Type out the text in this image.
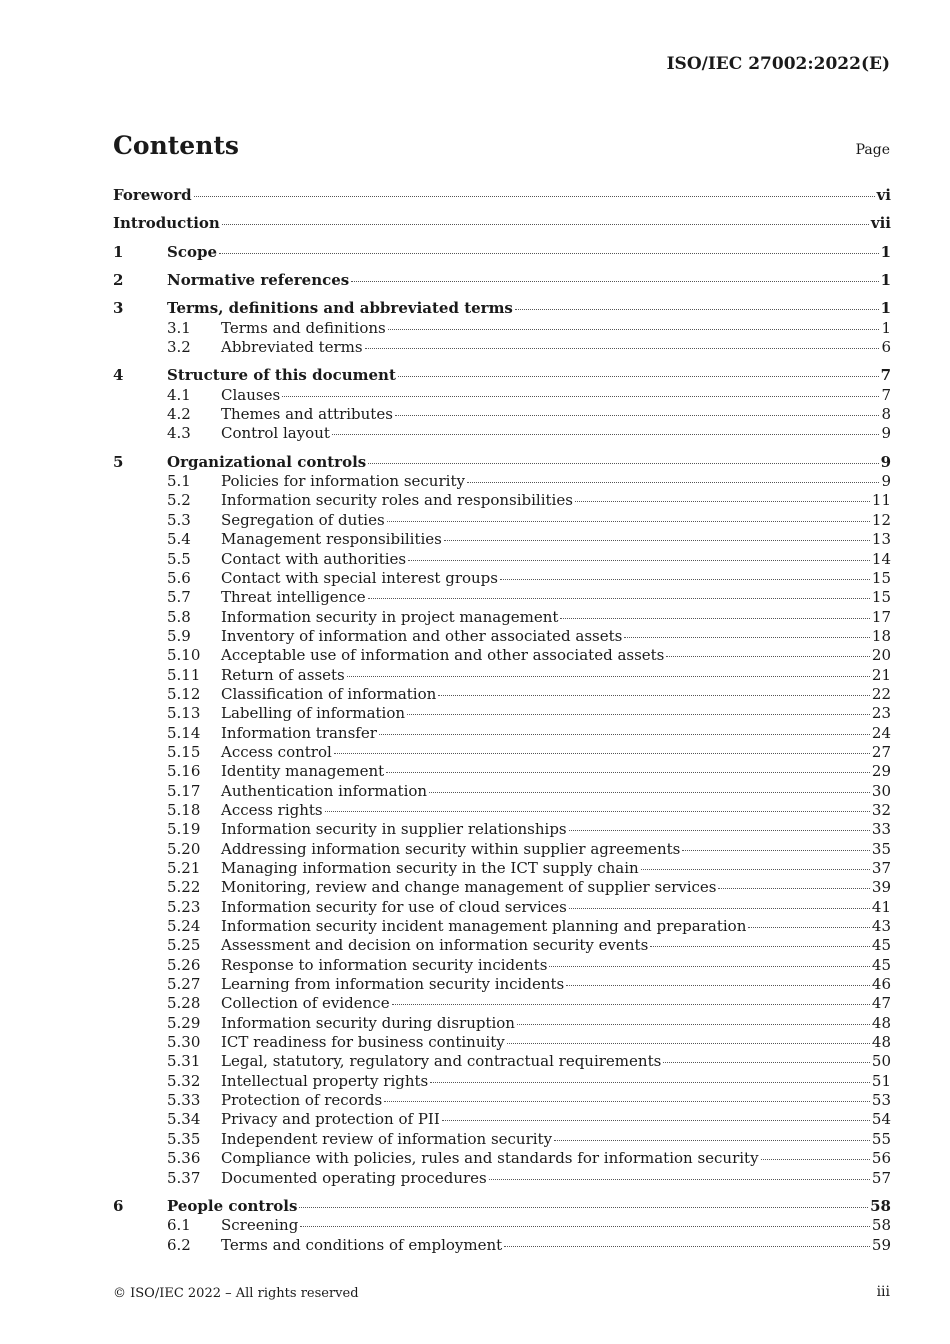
ISO/IEC 27002:2022(E)
Contents	Page
Foreword	vi
Introduction	vii
1	Scope	1
2	Normative references	1
3	Terms, definitions and abbreviated terms	1
3.1	Terms and definitions	1
3.2	Abbreviated terms	6
4	Structure of this document	7
4.1	Clauses	7
4.2	Themes and attributes	8
4.3	Control layout	9
5	Organizational controls	9
5.1	Policies for information security	9
5.2	Information security roles and responsibilities	11
5.3	Segregation of duties	12
5.4	Management responsibilities	13
5.5	Contact with authorities	14
5.6	Contact with special interest groups	15
5.7	Threat intelligence	15
5.8	Information security in project management	17
5.9	Inventory of information and other associated assets	18
5.10	Acceptable use of information and other associated assets	20
5.11	Return of assets	21
5.12	Classification of information	22
5.13	Labelling of information	23
5.14	Information transfer	24
5.15	Access control	27
5.16	Identity management	29
5.17	Authentication information	30
5.18	Access rights	32
5.19	Information security in supplier relationships	33
5.20	Addressing information security within supplier agreements	35
5.21	Managing information security in the ICT supply chain	37
5.22	Monitoring, review and change management of supplier services	39
5.23	Information security for use of cloud services	41
5.24	Information security incident management planning and preparation	43
5.25	Assessment and decision on information security events	45
5.26	Response to information security incidents	45
5.27	Learning from information security incidents	46
5.28	Collection of evidence	47
5.29	Information security during disruption	48
5.30	ICT readiness for business continuity	48
5.31	Legal, statutory, regulatory and contractual requirements	50
5.32	Intellectual property rights	51
5.33	Protection of records	53
5.34	Privacy and protection of PII	54
5.35	Independent review of information security	55
5.36	Compliance with policies, rules and standards for information security	56
5.37	Documented operating procedures	57
6	People controls	58
6.1	Screening	58
6.2	Terms and conditions of employment	59
© ISO/IEC 2022 – All rights reserved	iii
